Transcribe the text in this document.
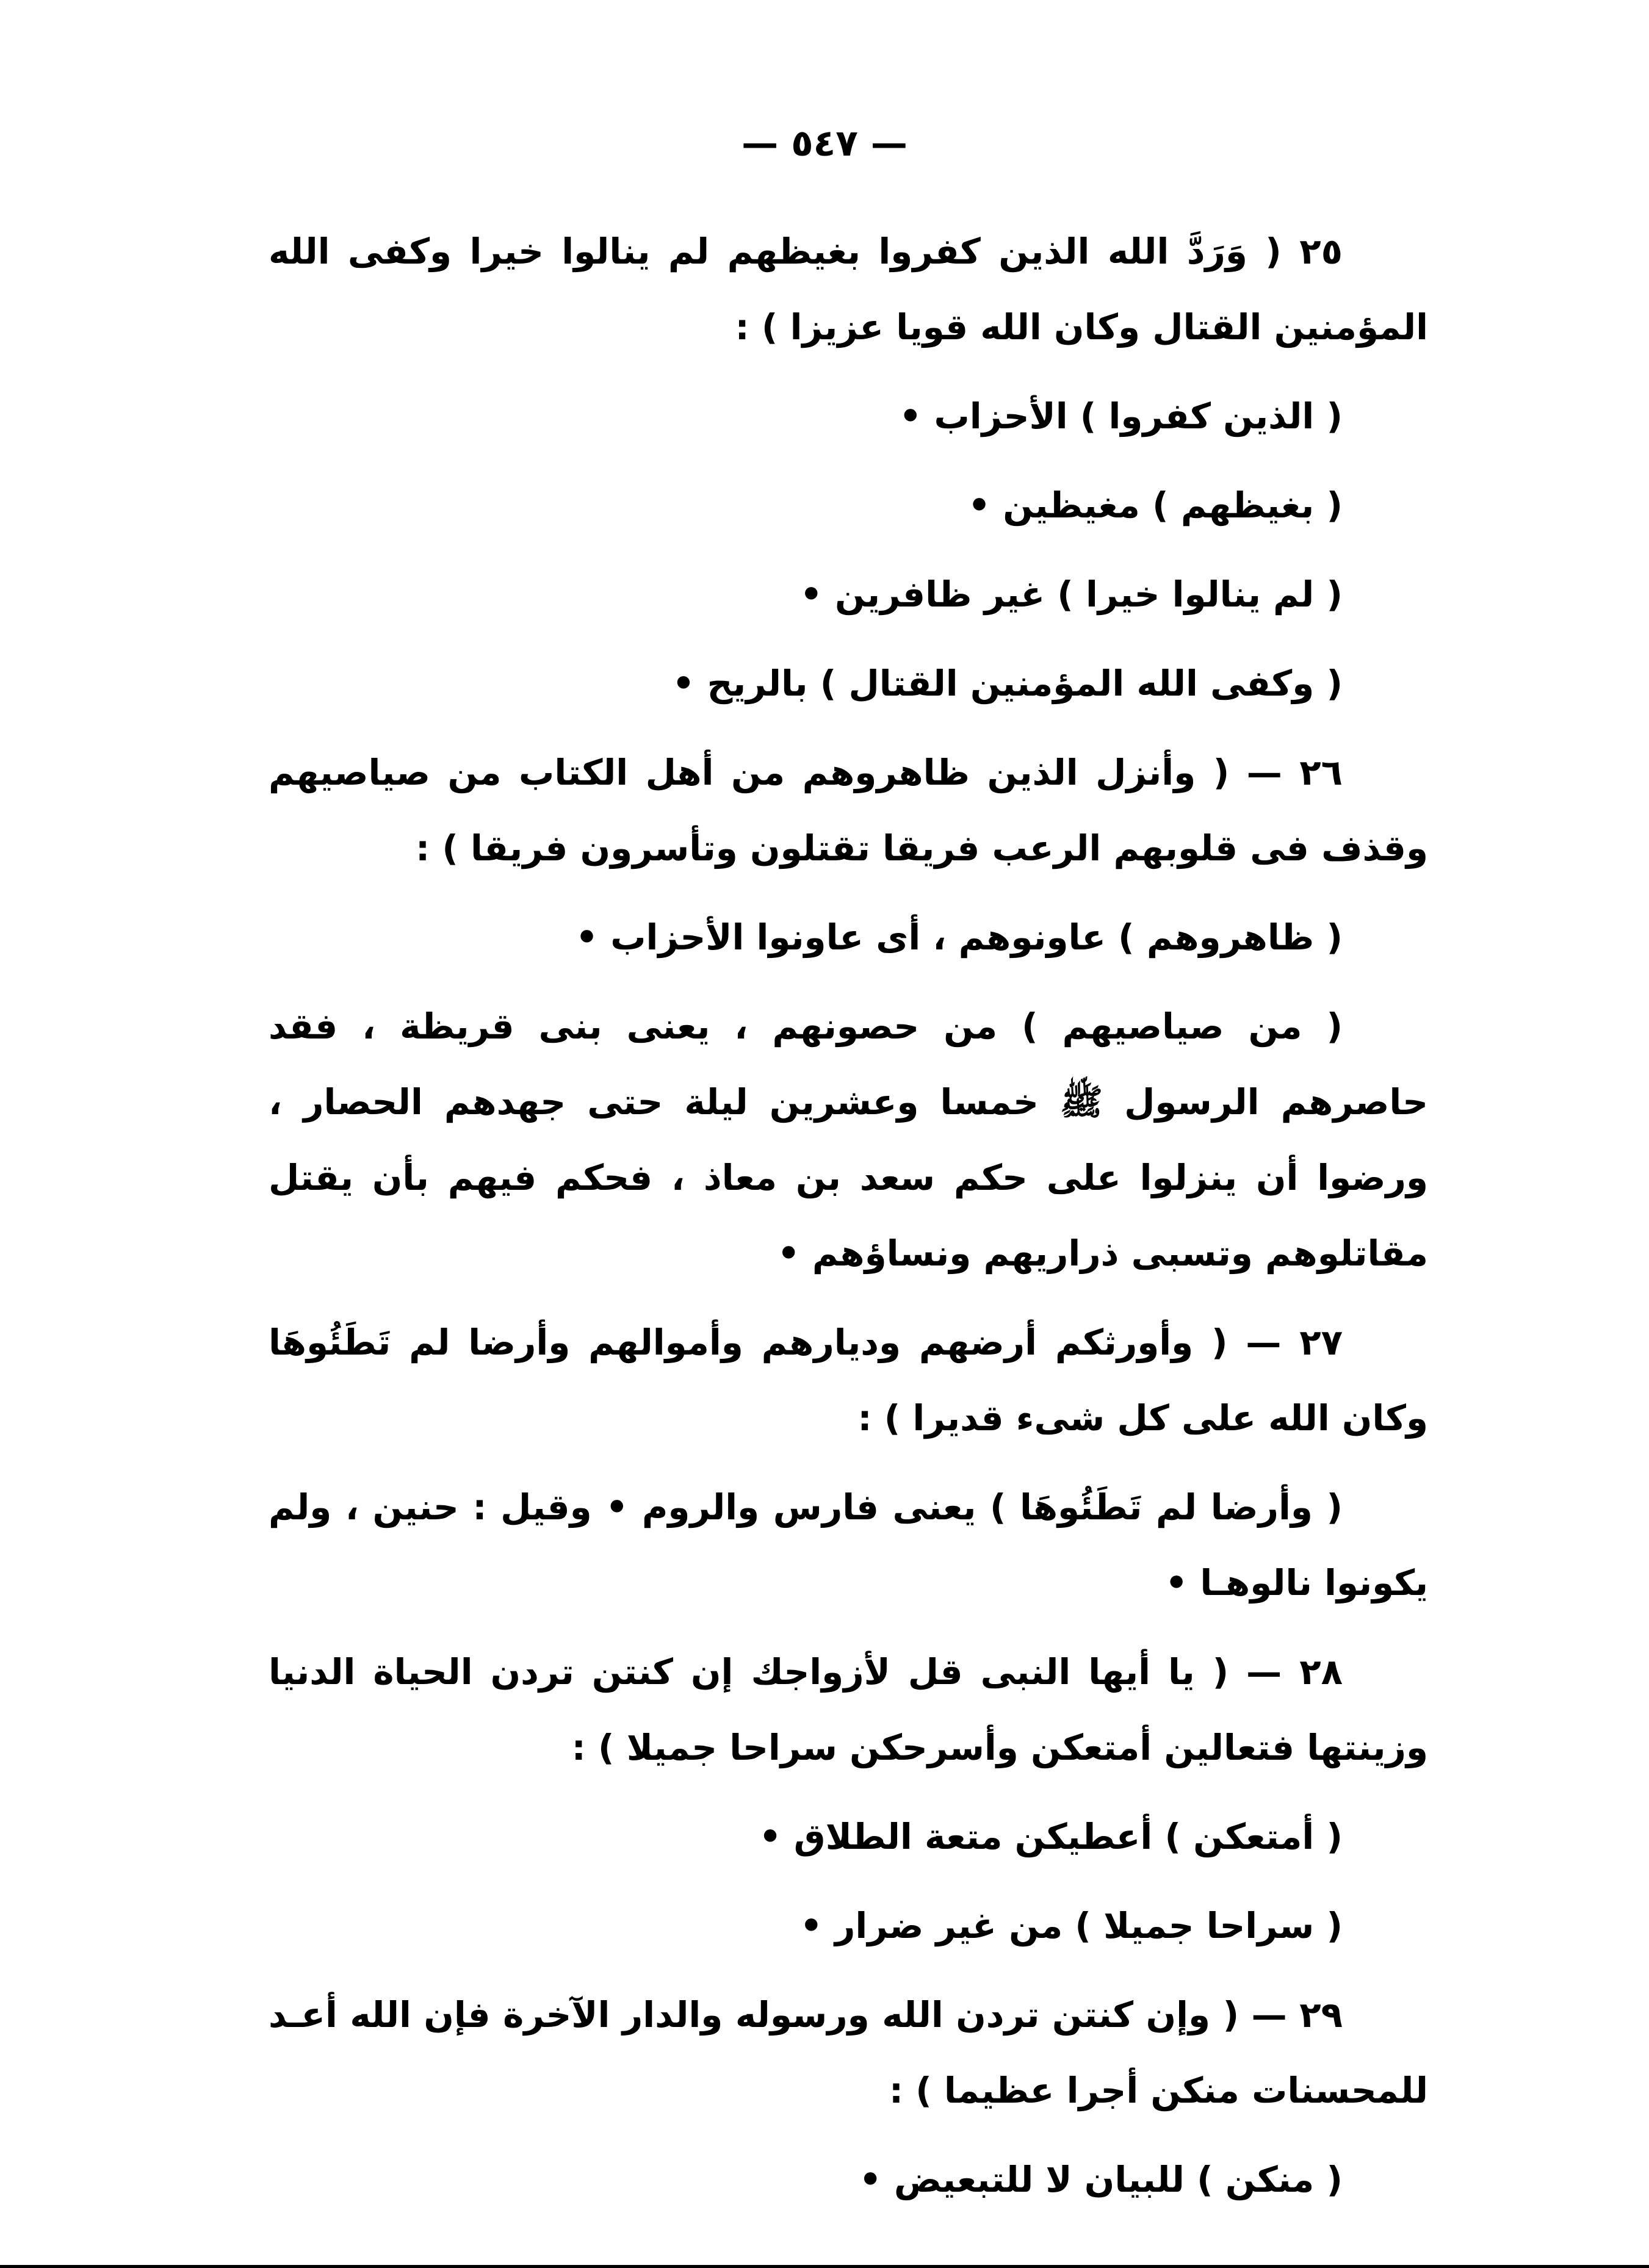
— ٥٤٧ —

٢٥ ( وَرَدَّ الله الذين كفروا بغيظهم لم ينالوا خيرا وكفى الله المؤمنين القتال وكان الله قويا عزيزا ) :

( الذين كفروا ) الأحزاب •

( بغيظهم ) مغيظين •

( لم ينالوا خيرا ) غير ظافرين •

( وكفى الله المؤمنين القتال ) بالريح •

٢٦ — ( وأنزل الذين ظاهروهم من أهل الكتاب من صياصيهم وقذف فى قلوبهم الرعب فريقا تقتلون وتأسرون فريقا ) :

( ظاهروهم ) عاونوهم ، أى عاونوا الأحزاب •

( من صياصيهم ) من حصونهم ، يعنى بنى قريظة ، فقد حاصرهم الرسول ﷺ خمسا وعشرين ليلة حتى جهدهم الحصار ، ورضوا أن ينزلوا على حكم سعد بن معاذ ، فحكم فيهم بأن يقتل مقاتلوهم وتسبى ذراريهم ونساؤهم •

٢٧ — ( وأورثكم أرضهم وديارهم وأموالهم وأرضا لم تَطَئُوهَا وكان الله على كل شىء قديرا ) :

( وأرضا لم تَطَئُوهَا ) يعنى فارس والروم • وقيل : حنين ، ولم يكونوا نالوهـا •

٢٨ — ( يا أيها النبى قل لأزواجك إن كنتن تردن الحياة الدنيا وزينتها فتعالين أمتعكن وأسرحكن سراحا جميلا ) :

( أمتعكن ) أعطيكن متعة الطلاق •

( سراحا جميلا ) من غير ضرار •

٢٩ — ( وإن كنتن تردن الله ورسوله والدار الآخرة فإن الله أعـد للمحسنات منكن أجرا عظيما ) :

( منكن ) للبيان لا للتبعيض •
